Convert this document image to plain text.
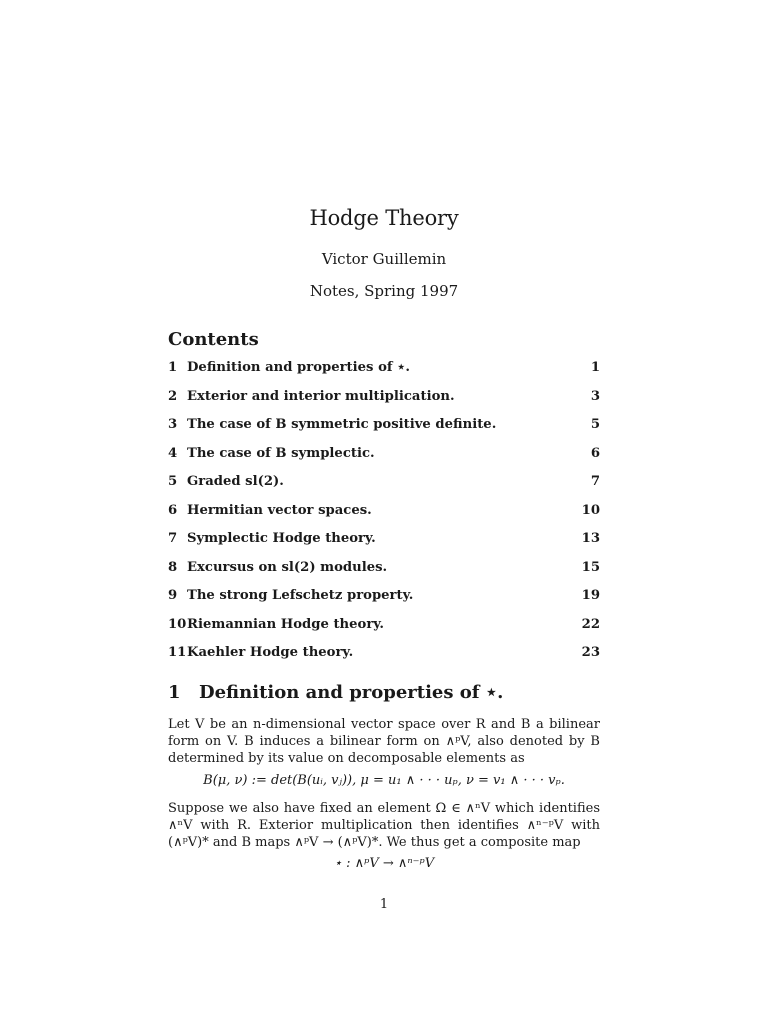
Hodge Theory
Victor Guillemin
Notes, Spring 1997
Contents
1 Definition and properties of ⋆.	1
2 Exterior and interior multiplication.	3
3 The case of B symmetric positive definite.	5
4 The case of B symplectic.	6
5 Graded sl(2).	7
6 Hermitian vector spaces.	10
7 Symplectic Hodge theory.	13
8 Excursus on sl(2) modules.	15
9 The strong Lefschetz property.	19
10 Riemannian Hodge theory.	22
11 Kaehler Hodge theory.	23
1 Definition and properties of ⋆.
Let V be an n-dimensional vector space over R and B a bilinear form on V. B induces a bilinear form on ∧ᵖV, also denoted by B determined by its value on decomposable elements as
B(μ, ν) := det(B(uᵢ, vⱼ)), μ = u₁ ∧ · · · uₚ, ν = v₁ ∧ · · · vₚ.
Suppose we also have fixed an element Ω ∈ ∧ⁿV which identifies ∧ⁿV with R. Exterior multiplication then identifies ∧ⁿ⁻ᵖV with (∧ᵖV)* and B maps ∧ᵖV → (∧ᵖV)*. We thus get a composite map
⋆ : ∧ᵖV → ∧ⁿ⁻ᵖV
1
